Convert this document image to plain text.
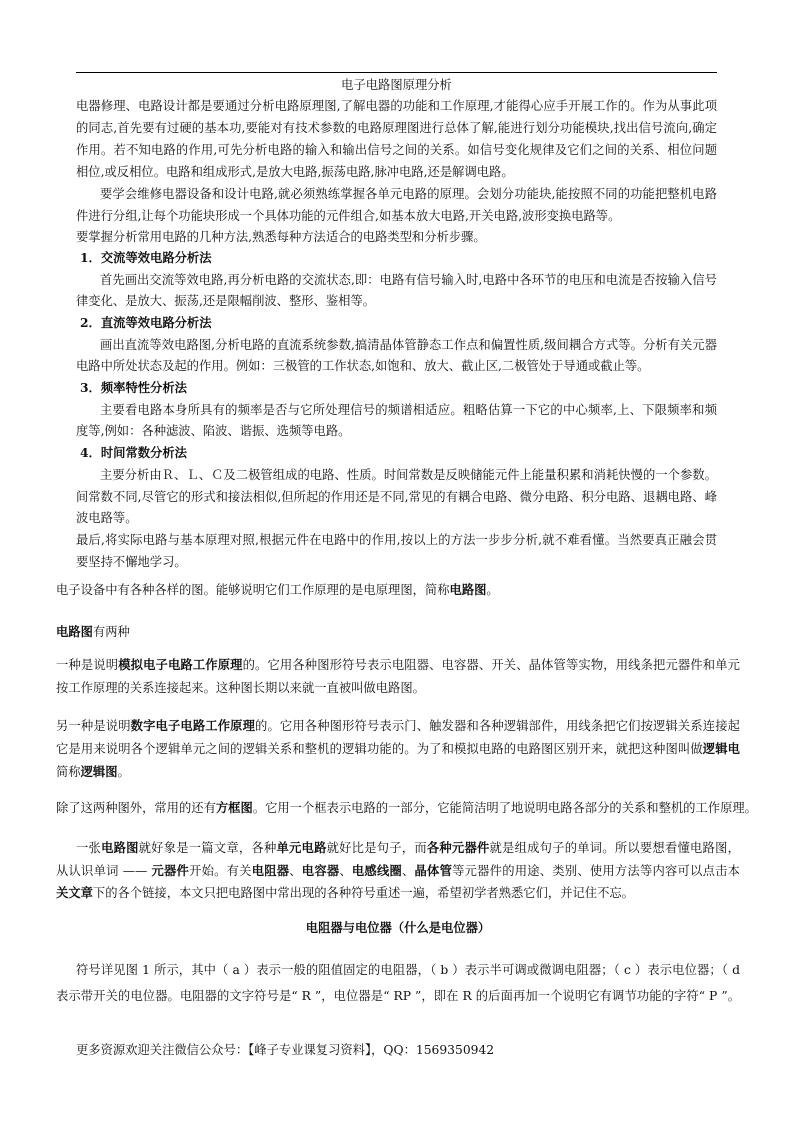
电子电路图原理分析
电器修理、电路设计都是要通过分析电路原理图,了解电器的功能和工作原理,才能得心应手开展工作的。作为从事此项
的同志,首先要有过硬的基本功,要能对有技术参数的电路原理图进行总体了解,能进行划分功能模块,找出信号流向,确定
作用。若不知电路的作用,可先分析电路的输入和输出信号之间的关系。如信号变化规律及它们之间的关系、相位问题
相位,或反相位。电路和组成形式,是放大电路,振荡电路,脉冲电路,还是解调电路。
要学会维修电器设备和设计电路,就必须熟练掌握各单元电路的原理。会划分功能块,能按照不同的功能把整机电路
件进行分组,让每个功能块形成一个具体功能的元件组合,如基本放大电路,开关电路,波形变换电路等。
要掌握分析常用电路的几种方法,熟悉每种方法适合的电路类型和分析步骤。
1．交流等效电路分析法
首先画出交流等效电路,再分析电路的交流状态,即：电路有信号输入时,电路中各环节的电压和电流是否按输入信号
律变化、是放大、振荡,还是限幅削波、整形、鉴相等。
2．直流等效电路分析法
画出直流等效电路图,分析电路的直流系统参数,搞清晶体管静态工作点和偏置性质,级间耦合方式等。分析有关元器
电路中所处状态及起的作用。例如：三极管的工作状态,如饱和、放大、截止区,二极管处于导通或截止等。
3．频率特性分析法
主要看电路本身所具有的频率是否与它所处理信号的频谱相适应。粗略估算一下它的中心频率,上、下限频率和频
度等,例如：各种滤波、陷波、谐振、选频等电路。
4．时间常数分析法
主要分析由Ｒ、Ｌ、Ｃ及二极管组成的电路、性质。时间常数是反映储能元件上能量积累和消耗快慢的一个参数。
间常数不同,尽管它的形式和接法相似,但所起的作用还是不同,常见的有耦合电路、微分电路、积分电路、退耦电路、峰
波电路等。
最后,将实际电路与基本原理对照,根据元件在电路中的作用,按以上的方法一步步分析,就不难看懂。当然要真正融会贯
要坚持不懈地学习。
电子设备中有各种各样的图。能够说明它们工作原理的是电原理图，简称电路图。
电路图有两种
一种是说明模拟电子电路工作原理的。它用各种图形符号表示电阻器、电容器、开关、晶体管等实物，用线条把元器件和单元
按工作原理的关系连接起来。这种图长期以来就一直被叫做电路图。
另一种是说明数字电子电路工作原理的。它用各种图形符号表示门、触发器和各种逻辑部件，用线条把它们按逻辑关系连接起
它是用来说明各个逻辑单元之间的逻辑关系和整机的逻辑功能的。为了和模拟电路的电路图区别开来，就把这种图叫做逻辑电
简称逻辑图。
除了这两种图外，常用的还有方框图。它用一个框表示电路的一部分，它能简洁明了地说明电路各部分的关系和整机的工作原理。
一张电路图就好象是一篇文章，各种单元电路就好比是句子，而各种元器件就是组成句子的单词。所以要想看懂电路图，
从认识单词 —— 元器件开始。有关电阻器、电容器、电感线圈、晶体管等元器件的用途、类别、使用方法等内容可以点击本
关文章下的各个链接，本文只把电路图中常出现的各种符号重述一遍，希望初学者熟悉它们，并记住不忘。
电阻器与电位器（什么是电位器）
符号详见图 1 所示，其中（ a ）表示一般的阻值固定的电阻器，（ b ）表示半可调或微调电阻器；（ c ）表示电位器；（ d
表示带开关的电位器。电阻器的文字符号是“ R ”，电位器是“ RP ”，即在 R 的后面再加一个说明它有调节功能的字符“ P ”。
更多资源欢迎关注微信公众号：【峰子专业课复习资料】，QQ：1569350942
